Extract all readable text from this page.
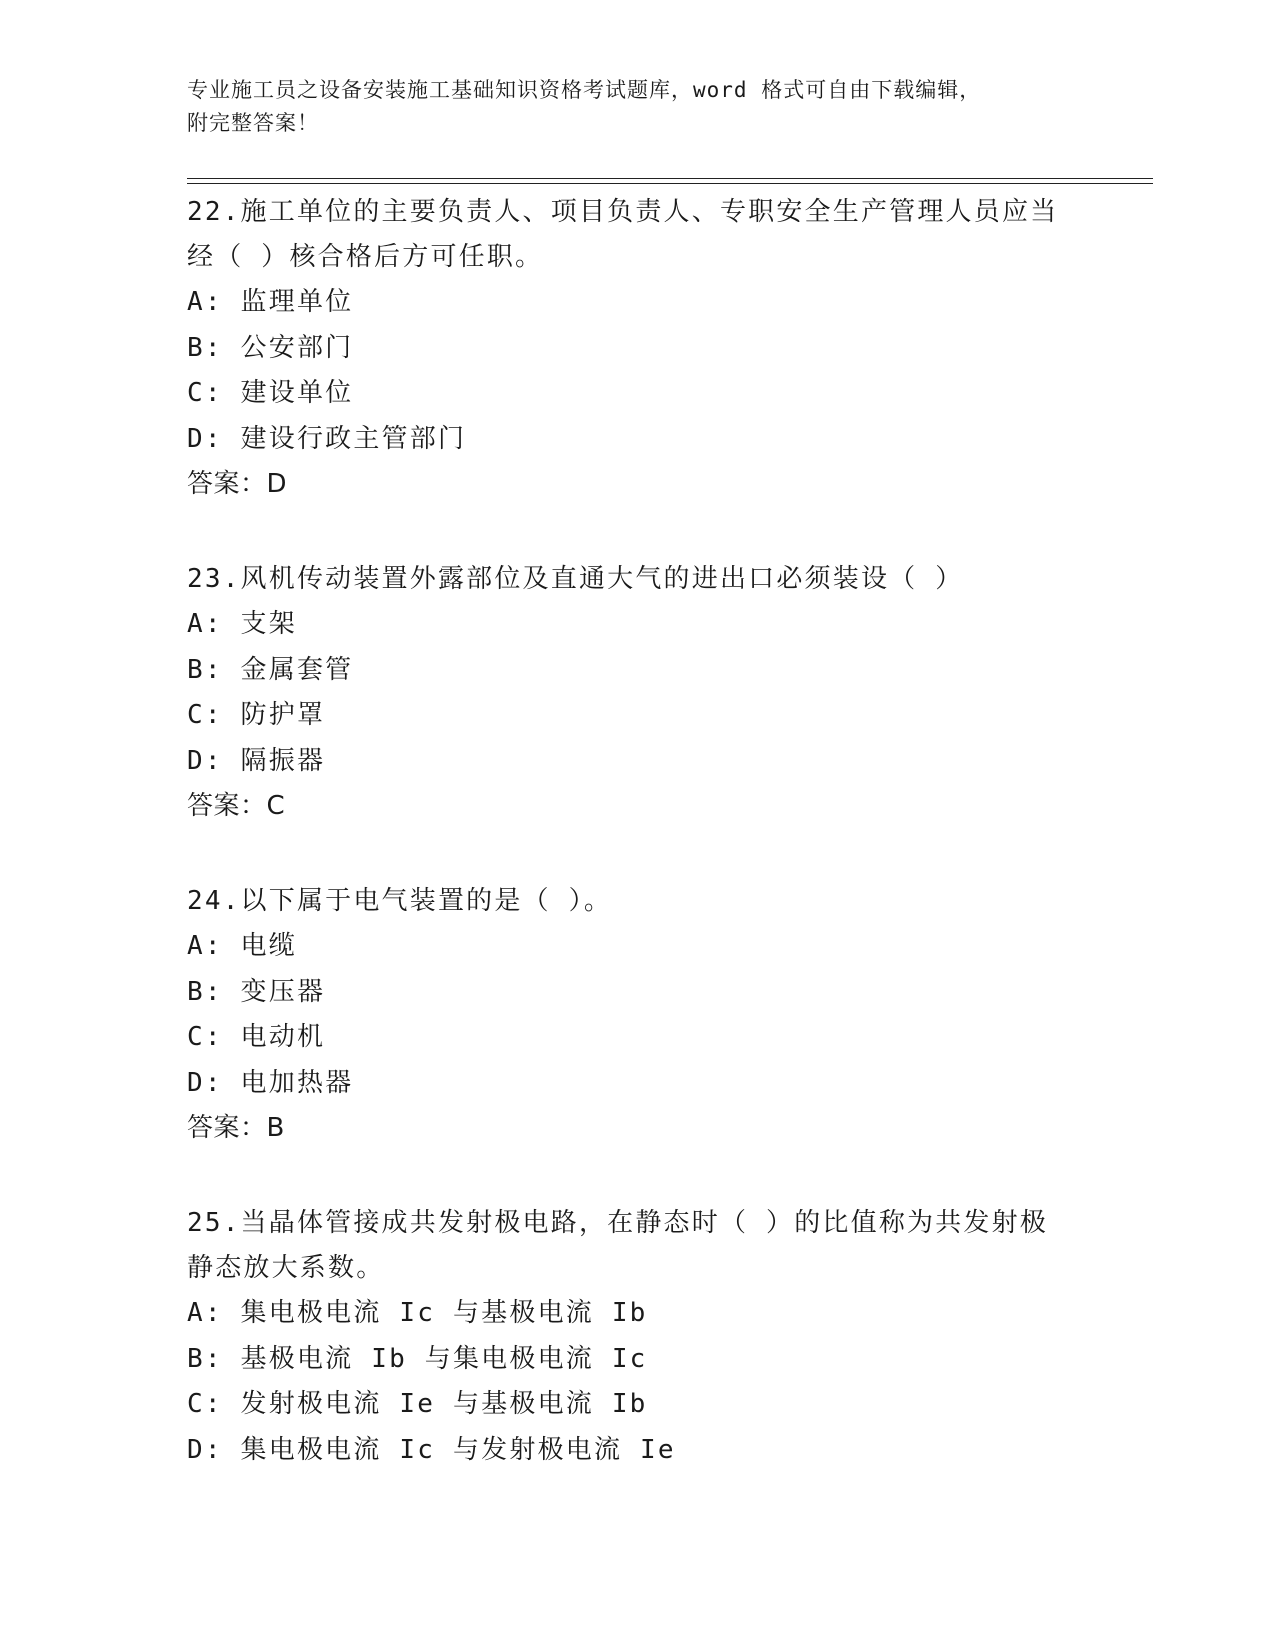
专业施工员之设备安装施工基础知识资格考试题库，word 格式可自由下载编辑，
附完整答案！

22.施工单位的主要负责人、项目负责人、专职安全生产管理人员应当
经（ ）核合格后方可任职。

A: 监理单位

B: 公安部门

C: 建设单位

D: 建设行政主管部门

答案：D

23.风机传动装置外露部位及直通大气的进出口必须装设（ ）

A: 支架

B: 金属套管

C: 防护罩

D: 隔振器

答案：C

24.以下属于电气装置的是（ ）。

A: 电缆

B: 变压器

C: 电动机

D: 电加热器

答案：B

25.当晶体管接成共发射极电路，在静态时（ ）的比值称为共发射极
静态放大系数。

A: 集电极电流 Ic 与基极电流 Ib

B: 基极电流 Ib 与集电极电流 Ic

C: 发射极电流 Ie 与基极电流 Ib

D: 集电极电流 Ic 与发射极电流 Ie
